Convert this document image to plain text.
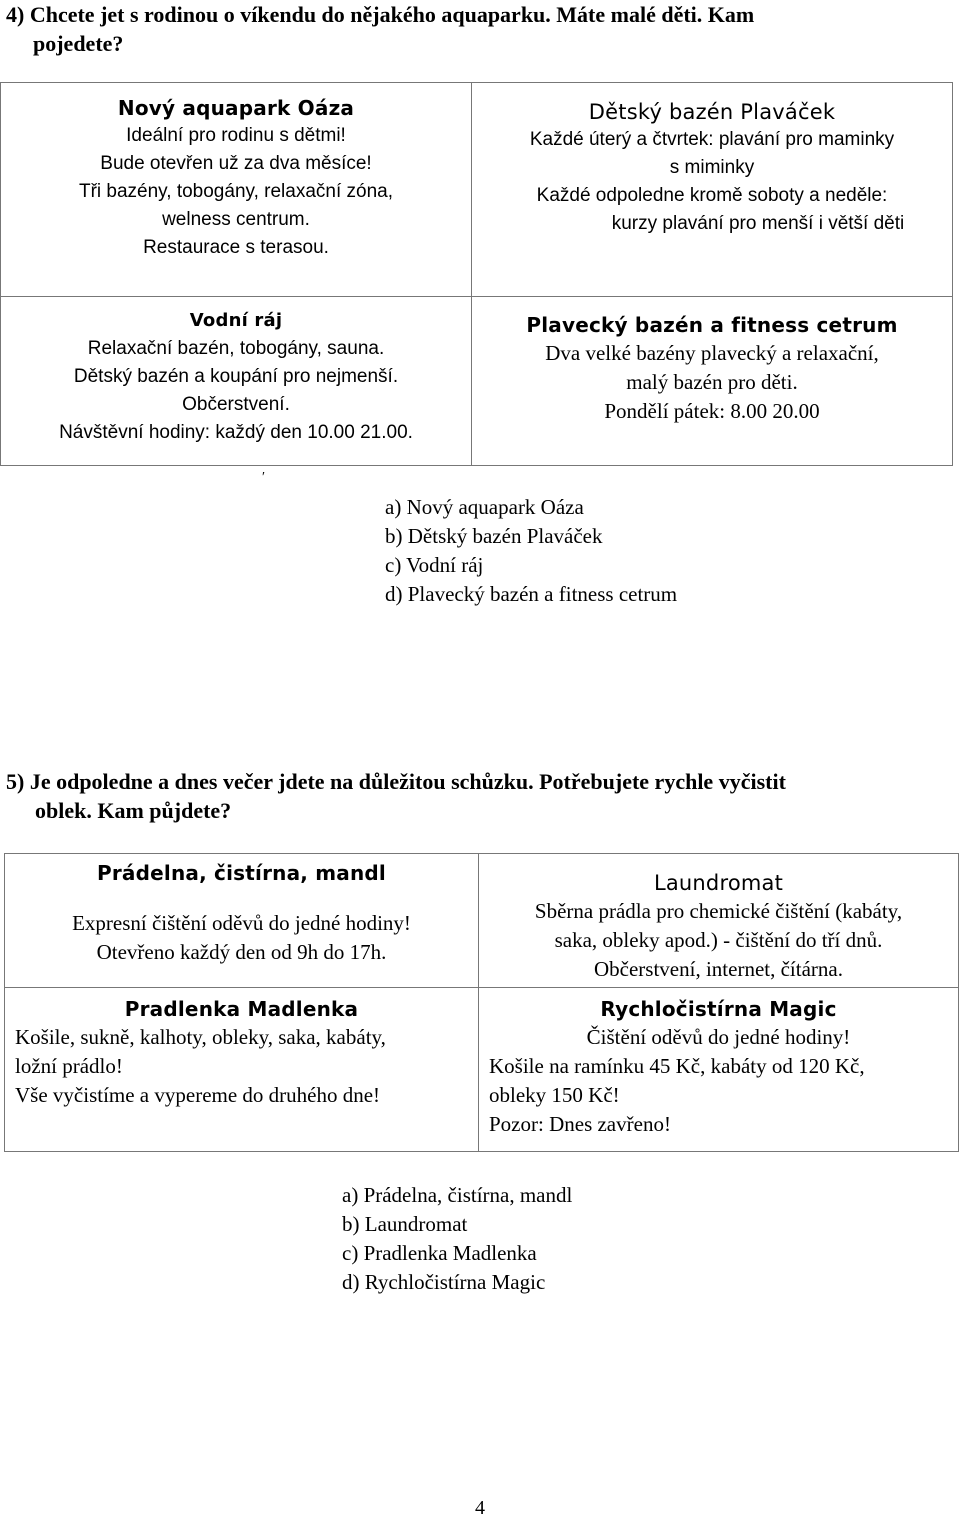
4) Chcete jet s rodinou o víkendu do nějakého aquaparku. Máte malé děti. Kam
pojedete?
Nový aquapark Oáza
Ideální pro rodinu s dětmi!
Bude otevřen už za dva měsíce!
Tři bazény, tobogány, relaxační zóna,
welness centrum.
Restaurace s terasou.
Dětský bazén Plaváček
Každé úterý a čtvrtek: plavání pro maminky
s miminky
Každé odpoledne kromě soboty a neděle:
kurzy plavání pro menší i větší děti
Vodní ráj
Relaxační bazén, tobogány, sauna.
Dětský bazén a koupání pro nejmenší.
Občerstvení.
Návštěvní hodiny: každý den 10.00 21.00.
Plavecký bazén a fitness cetrum
Dva velké bazény plavecký a relaxační,
malý bazén pro děti.
Pondělí pátek: 8.00 20.00
′
a) Nový aquapark Oáza
b) Dětský bazén Plaváček
c) Vodní ráj
d) Plavecký bazén a fitness cetrum
5) Je odpoledne a dnes večer jdete na důležitou schůzku. Potřebujete rychle vyčistit
oblek. Kam půjdete?
Prádelna, čistírna, mandl
Expresní čištění oděvů do jedné hodiny!
Otevřeno každý den od 9h do 17h.
Laundromat
Sběrna prádla pro chemické čištění (kabáty,
saka, obleky apod.) - čištění do tří dnů.
Občerstvení, internet, čítárna.
Pradlenka Madlenka
Košile, sukně, kalhoty, obleky, saka, kabáty,
ložní prádlo!
Vše vyčistíme a vypereme do druhého dne!
Rychločistírna Magic
Čištění oděvů do jedné hodiny!
Košile na ramínku 45 Kč, kabáty od 120 Kč,
obleky 150 Kč!
Pozor: Dnes zavřeno!
a) Prádelna, čistírna, mandl
b) Laundromat
c) Pradlenka Madlenka
d) Rychločistírna Magic
4
